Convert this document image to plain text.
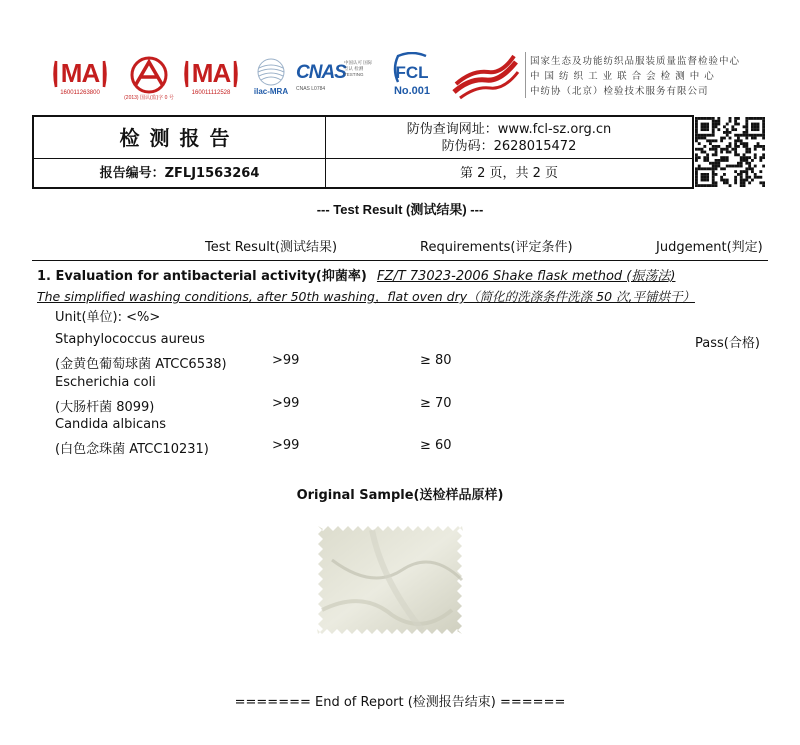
MA
160011263800
(2013) 国认(监)字 0 号
MA
160011112528	ilac-MRA
CNAS
中国认可 国际互认 检测 TESTING
CNAS L0784
FCL
No.001
国家生态及功能纺织品服装质量监督检验中心
中 国 纺 织 工 业 联 合 会 检 测 中 心
中纺协（北京）检验技术服务有限公司
检测报告
报告编号：ZFLJ1563264
防伪查询网址：www.fcl-sz.org.cn
防伪码：2628015472
第 2 页，共 2 页
--- Test Result (测试结果) ---
Test Result(测试结果)	Requirements(评定条件)	Judgement(判定)
1. Evaluation for antibacterial activity(抑菌率) FZ/T 73023-2006 Shake flask method (振荡法)
The simplified washing conditions, after 50th washing，flat oven dry（简化的洗涤条件洗涤 50 次,平铺烘干）
Unit(单位): <%>
Staphylococcus aureus	Pass(合格)
(金黄色葡萄球菌 ATCC6538)	>99	≥ 80
Escherichia coli
(大肠杆菌 8099)	>99	≥ 70
Candida albicans
(白色念珠菌 ATCC10231)	>99	≥ 60
Original Sample(送检样品原样)
======= End of Report (检测报告结束) ======
